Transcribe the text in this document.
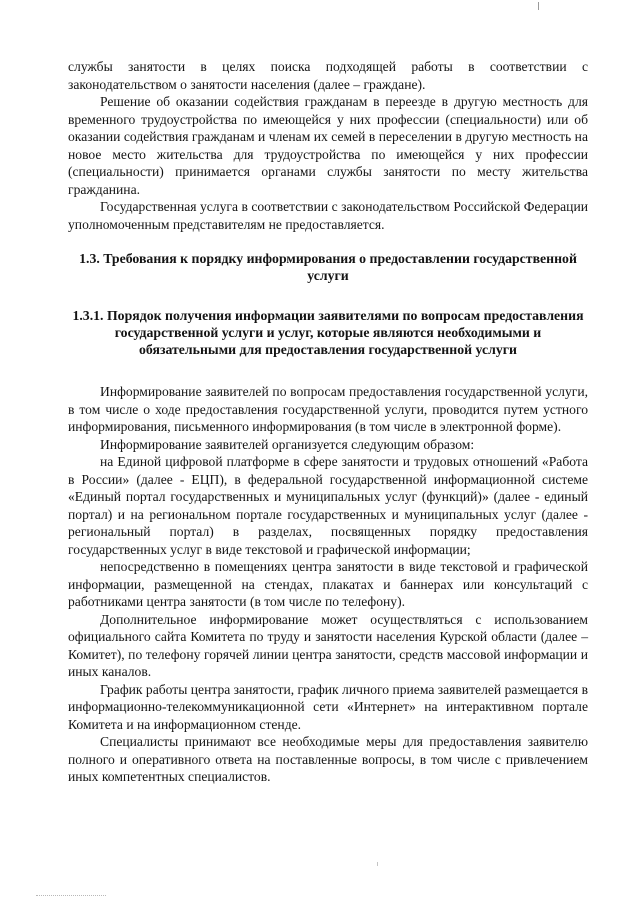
службы занятости в целях поиска подходящей работы в соответствии с законодательством о занятости населения (далее – граждане).

Решение об оказании содействия гражданам в переезде в другую местность для временного трудоустройства по имеющейся у них профессии (специальности) или об оказании содействия гражданам и членам их семей в переселении в другую местность на новое место жительства для трудоустройства по имеющейся у них профессии (специальности) принимается органами службы занятости по месту жительства гражданина.

Государственная услуга в соответствии с законодательством Российской Федерации уполномоченным представителям не предоставляется.

1.3. Требования к порядку информирования о предоставлении государственной услуги

1.3.1. Порядок получения информации заявителями по вопросам предоставления государственной услуги и услуг, которые являются необходимыми и обязательными для предоставления государственной услуги

Информирование заявителей по вопросам предоставления государственной услуги, в том числе о ходе предоставления государственной услуги, проводится путем устного информирования, письменного информирования (в том числе в электронной форме).

Информирование заявителей организуется следующим образом:

на Единой цифровой платформе в сфере занятости и трудовых отношений «Работа в России» (далее - ЕЦП), в федеральной государственной информационной системе «Единый портал государственных и муниципальных услуг (функций)» (далее - единый портал) и на региональном портале государственных и муниципальных услуг (далее - региональный портал) в разделах, посвященных порядку предоставления государственных услуг в виде текстовой и графической информации;

непосредственно в помещениях центра занятости в виде текстовой и графической информации, размещенной на стендах, плакатах и баннерах или консультаций с работниками центра занятости (в том числе по телефону).

Дополнительное информирование может осуществляться с использованием официального сайта Комитета по труду и занятости населения Курской области (далее – Комитет), по телефону горячей линии центра занятости, средств массовой информации и иных каналов.

График работы центра занятости, график личного приема заявителей размещается в информационно-телекоммуникационной сети «Интернет» на интерактивном портале Комитета и на информационном стенде.

Специалисты принимают все необходимые меры для предоставления заявителю полного и оперативного ответа на поставленные вопросы, в том числе с привлечением иных компетентных специалистов.
